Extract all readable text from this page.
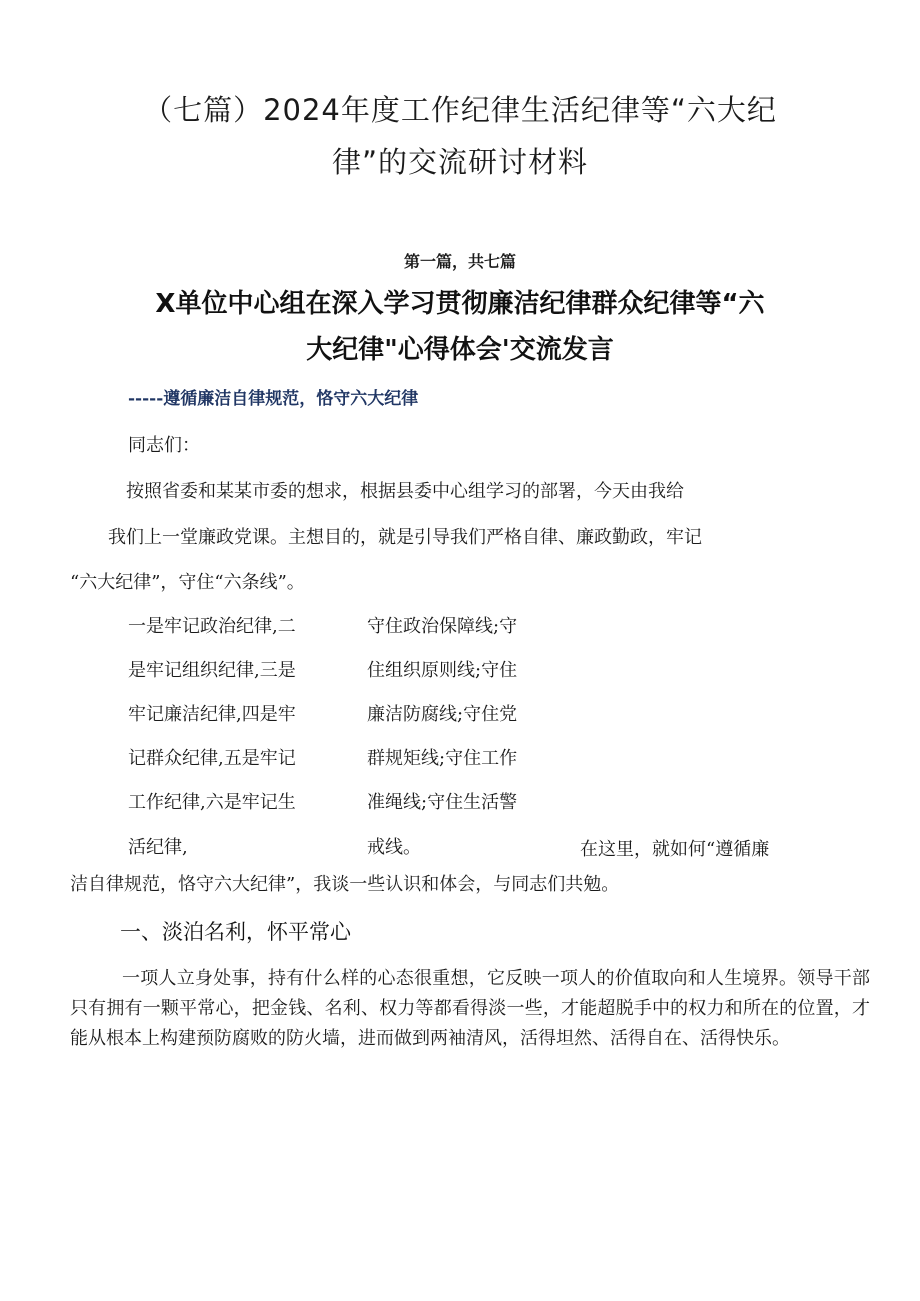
（七篇）2024年度工作纪律生活纪律等“六大纪
律”的交流研讨材料
第一篇，共七篇
X单位中心组在深入学习贯彻廉洁纪律群众纪律等“六
大纪律"心得体会'交流发言
-----遵循廉洁自律规范，恪守六大纪律
同志们：
按照省委和某某市委的想求，根据县委中心组学习的部署，今天由我给
我们上一堂廉政党课。主想目的，就是引导我们严格自律、廉政勤政，牢记
“六大纪律”，守住“六条线”。
一是牢记政治纪律,二
是牢记组织纪律,三是
牢记廉洁纪律,四是牢
记群众纪律,五是牢记
工作纪律,六是牢记生
活纪律,
守住政治保障线;守
住组织原则线;守住
廉洁防腐线;守住党
群规矩线;守住工作
准绳线;守住生活警
戒线。	在这里，就如何“遵循廉
洁自律规范，恪守六大纪律”，我谈一些认识和体会，与同志们共勉。
一、淡泊名利，怀平常心
一项人立身处事，持有什么样的心态很重想，它反映一项人的价值取向和人生境界。领导干部只有拥有一颗平常心，把金钱、名利、权力等都看得淡一些，才能超脱手中的权力和所在的位置，才能从根本上构建预防腐败的防火墙，进而做到两袖清风，活得坦然、活得自在、活得快乐。
